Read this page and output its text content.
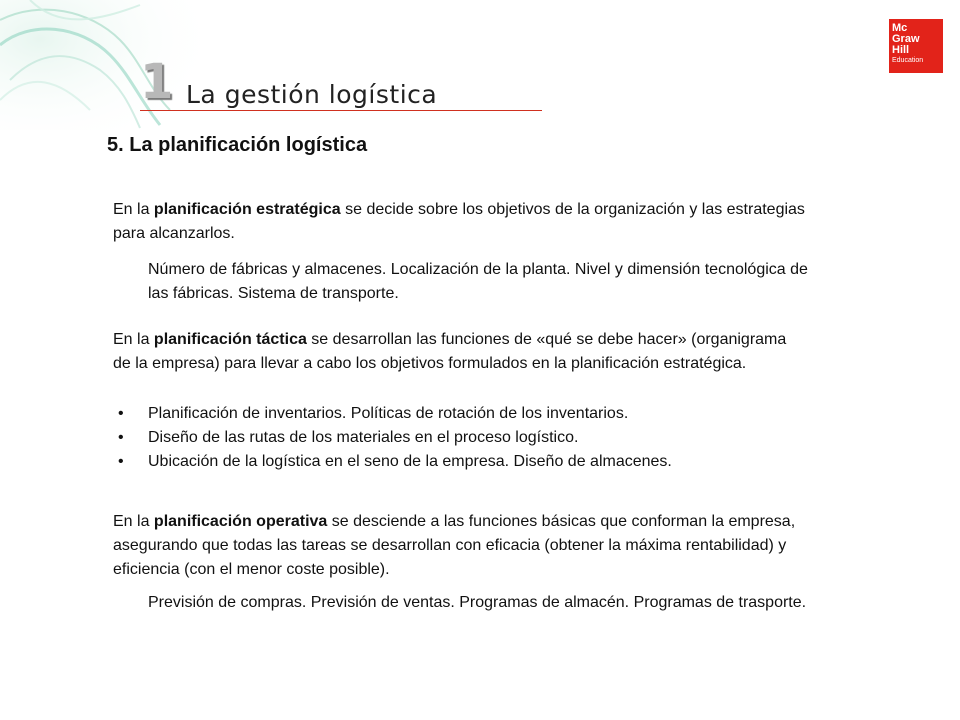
1 La gestión logística
Mc
Graw
Hill
Education
5. La planificación logística
En la planificación estratégica se decide sobre los objetivos de la organización y las estrategias para alcanzarlos.
Número de fábricas y almacenes. Localización de la planta. Nivel y dimensión tecnológica de las fábricas. Sistema de transporte.
En la planificación táctica se desarrollan las funciones de «qué se debe hacer» (organigrama de la empresa) para llevar a cabo los objetivos formulados en la planificación estratégica.
• Planificación de inventarios. Políticas de rotación de los inventarios.
• Diseño de las rutas de los materiales en el proceso logístico.
• Ubicación de la logística en el seno de la empresa. Diseño de almacenes.
En la planificación operativa se desciende a las funciones básicas que conforman la empresa, asegurando que todas las tareas se desarrollan con eficacia (obtener la máxima rentabilidad) y eficiencia (con el menor coste posible).
Previsión de compras. Previsión de ventas. Programas de almacén. Programas de trasporte.
